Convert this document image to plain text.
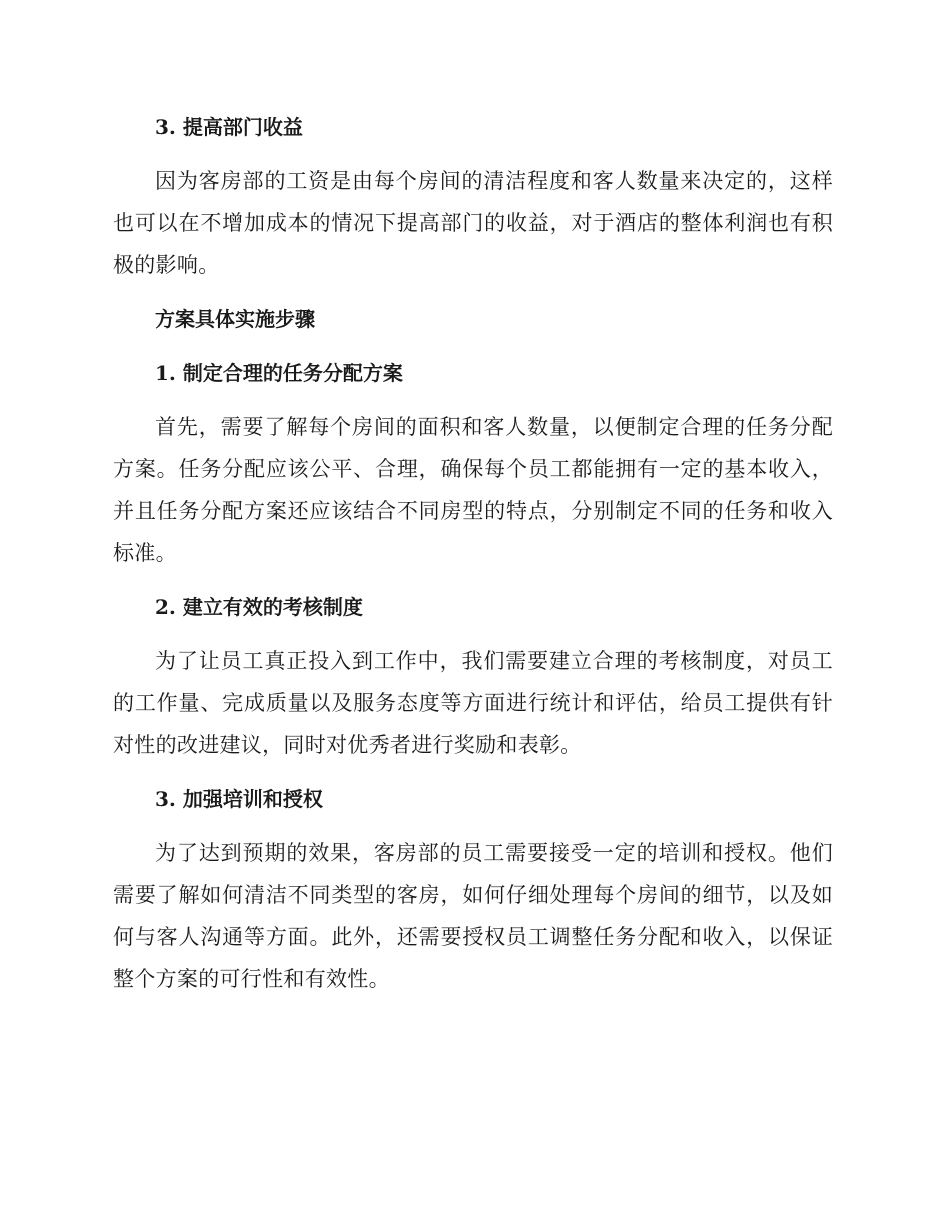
3. 提高部门收益

因为客房部的工资是由每个房间的清洁程度和客人数量来决定的，这样也可以在不增加成本的情况下提高部门的收益，对于酒店的整体利润也有积极的影响。

方案具体实施步骤
1. 制定合理的任务分配方案

首先，需要了解每个房间的面积和客人数量，以便制定合理的任务分配方案。任务分配应该公平、合理，确保每个员工都能拥有一定的基本收入，并且任务分配方案还应该结合不同房型的特点，分别制定不同的任务和收入标准。

2. 建立有效的考核制度

为了让员工真正投入到工作中，我们需要建立合理的考核制度，对员工的工作量、完成质量以及服务态度等方面进行统计和评估，给员工提供有针对性的改进建议，同时对优秀者进行奖励和表彰。

3. 加强培训和授权

为了达到预期的效果，客房部的员工需要接受一定的培训和授权。他们需要了解如何清洁不同类型的客房，如何仔细处理每个房间的细节，以及如何与客人沟通等方面。此外，还需要授权员工调整任务分配和收入，以保证整个方案的可行性和有效性。
